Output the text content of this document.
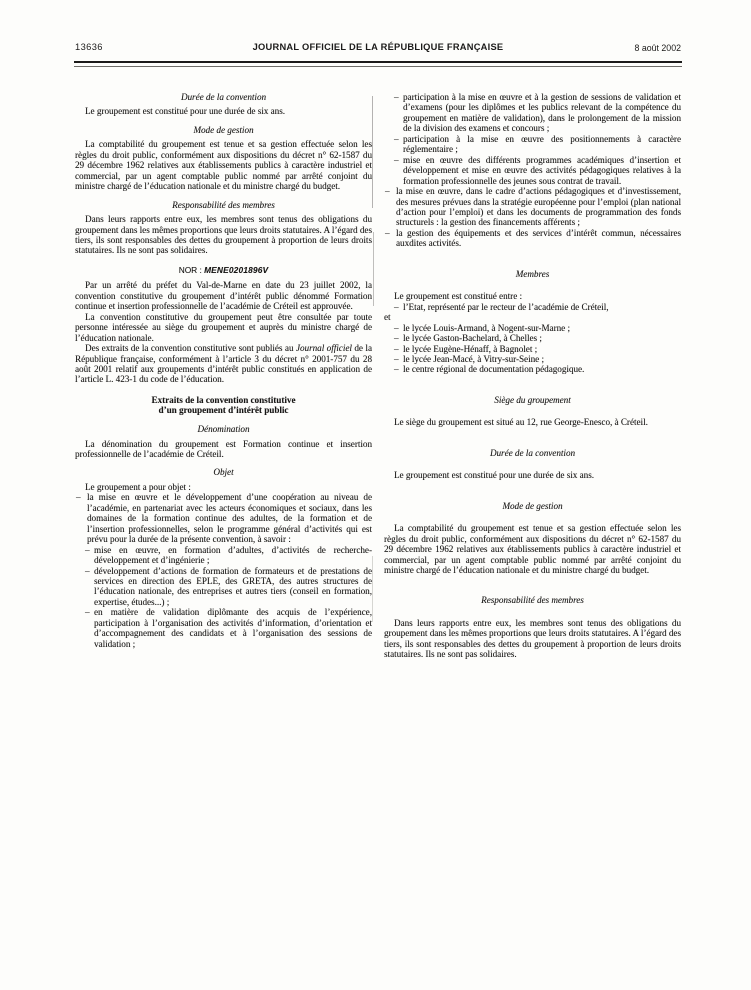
13636	JOURNAL OFFICIEL DE LA RÉPUBLIQUE FRANÇAISE	8 août 2002
Durée de la convention
Le groupement est constitué pour une durée de six ans.
Mode de gestion
La comptabilité du groupement est tenue et sa gestion effectuée selon les règles du droit public, conformément aux dispositions du décret n° 62-1587 du 29 décembre 1962 relatives aux établissements publics à caractère industriel et commercial, par un agent comptable public nommé par arrêté conjoint du ministre chargé de l’éducation nationale et du ministre chargé du budget.
Responsabilité des membres
Dans leurs rapports entre eux, les membres sont tenus des obligations du groupement dans les mêmes proportions que leurs droits statutaires. A l’égard des tiers, ils sont responsables des dettes du groupement à proportion de leurs droits statutaires. Ils ne sont pas solidaires.
NOR : MENE0201896V
Par un arrêté du préfet du Val-de-Marne en date du 23 juillet 2002, la convention constitutive du groupement d’intérêt public dénommé Formation continue et insertion professionnelle de l’académie de Créteil est approuvée.
La convention constitutive du groupement peut être consultée par toute personne intéressée au siège du groupement et auprès du ministre chargé de l’éducation nationale.
Des extraits de la convention constitutive sont publiés au Journal officiel de la République française, conformément à l’article 3 du décret n° 2001-757 du 28 août 2001 relatif aux groupements d’intérêt public constitués en application de l’article L. 423-1 du code de l’éducation.
Extraits de la convention constitutive
d’un groupement d’intérêt public
Dénomination
La dénomination du groupement est Formation continue et insertion professionnelle de l’académie de Créteil.
Objet
Le groupement a pour objet :
– la mise en œuvre et le développement d’une coopération au niveau de l’académie, en partenariat avec les acteurs économiques et sociaux, dans les domaines de la formation continue des adultes, de la formation et de l’insertion professionnelles, selon le programme général d’activités qui est prévu pour la durée de la présente convention, à savoir :
– mise en œuvre, en formation d’adultes, d’activités de recherche-développement et d’ingénierie ;
– développement d’actions de formation de formateurs et de prestations de services en direction des EPLE, des GRETA, des autres structures de l’éducation nationale, des entreprises et autres tiers (conseil en formation, expertise, études...) ;
– en matière de validation diplômante des acquis de l’expérience, participation à l’organisation des activités d’information, d’orientation et d’accompagnement des candidats et à l’organisation des sessions de validation ;
– participation à la mise en œuvre et à la gestion de sessions de validation et d’examens (pour les diplômes et les publics relevant de la compétence du groupement en matière de validation), dans le prolongement de la mission de la division des examens et concours ;
– participation à la mise en œuvre des positionnements à caractère réglementaire ;
– mise en œuvre des différents programmes académiques d’insertion et développement et mise en œuvre des activités pédagogiques relatives à la formation professionnelle des jeunes sous contrat de travail.
– la mise en œuvre, dans le cadre d’actions pédagogiques et d’investissement, des mesures prévues dans la stratégie européenne pour l’emploi (plan national d’action pour l’emploi) et dans les documents de programmation des fonds structurels : la gestion des financements afférents ;
– la gestion des équipements et des services d’intérêt commun, nécessaires auxdites activités.
Membres
Le groupement est constitué entre :
– l’Etat, représenté par le recteur de l’académie de Créteil,
et
– le lycée Louis-Armand, à Nogent-sur-Marne ;
– le lycée Gaston-Bachelard, à Chelles ;
– le lycée Eugène-Hénaff, à Bagnolet ;
– le lycée Jean-Macé, à Vitry-sur-Seine ;
– le centre régional de documentation pédagogique.
Siège du groupement
Le siège du groupement est situé au 12, rue George-Enesco, à Créteil.
Durée de la convention
Le groupement est constitué pour une durée de six ans.
Mode de gestion
La comptabilité du groupement est tenue et sa gestion effectuée selon les règles du droit public, conformément aux dispositions du décret n° 62-1587 du 29 décembre 1962 relatives aux établissements publics à caractère industriel et commercial, par un agent comptable public nommé par arrêté conjoint du ministre chargé de l’éducation nationale et du ministre chargé du budget.
Responsabilité des membres
Dans leurs rapports entre eux, les membres sont tenus des obligations du groupement dans les mêmes proportions que leurs droits statutaires. A l’égard des tiers, ils sont responsables des dettes du groupement à proportion de leurs droits statutaires. Ils ne sont pas solidaires.
